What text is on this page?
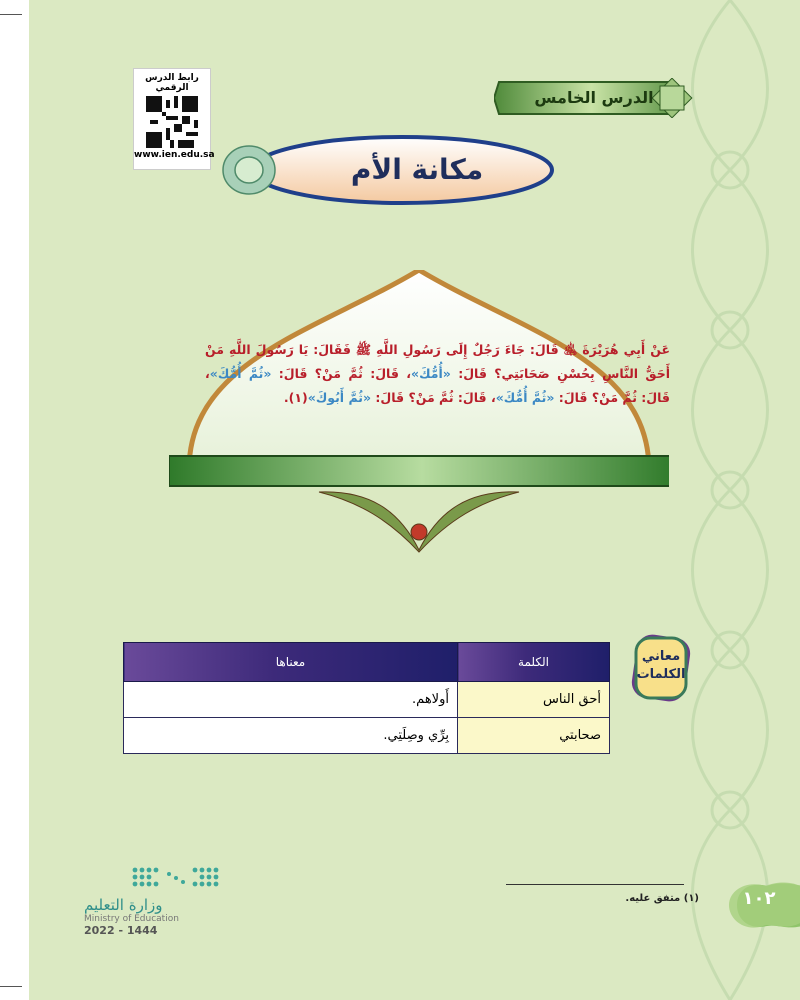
رابط الدرس الرقمي
www.ien.edu.sa
الدرس الخامس
مكانة الأم
عَنْ أَبِي هُرَيْرَةَ ﵁ قَالَ: جَاءَ رَجُلٌ إِلَى رَسُولِ اللَّهِ ﷺ فَقَالَ: يَا رَسُولَ اللَّهِ مَنْ أَحَقُّ النَّاسِ بِحُسْنِ صَحَابَتِي؟ قَالَ: «أُمُّكَ»، قَالَ: ثُمَّ مَنْ؟ قَالَ: «ثُمَّ أُمُّكَ»، قَالَ: ثُمَّ مَنْ؟ قَالَ: «ثُمَّ أُمُّكَ»، قَالَ: ثُمَّ مَنْ؟ قَالَ: «ثُمَّ أَبُوكَ»(١).
معاني
الكلمات
الكلمة	معناها
أحق الناس	أَولاهم.
صحابتي	بِرِّي وصِلَتِي.
(١) متفق عليه.	١٠٢
وزارة التعليم
Ministry of Education
2022 - 1444
